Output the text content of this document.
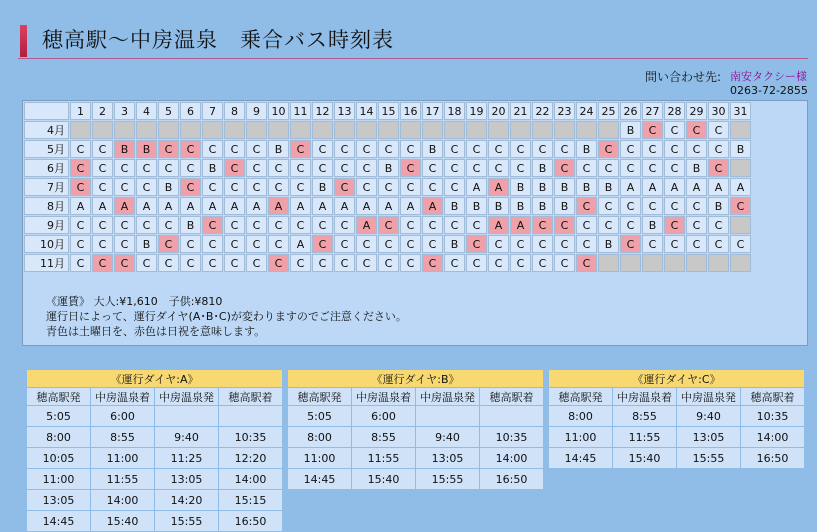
穂高駅～中房温泉　乗合バス時刻表
問い合わせ先: 南安タクシー様
0263-72-2855
	1	2	3	4	5	6	7	8	9	10	11	12	13	14	15	16	17	18	19	20	21	22	23	24	25	26	27	28	29	30	31
4月																										B	C	C	C	C	
5月	C	C	B	B	C	C	C	C	C	B	C	C	C	C	C	C	B	C	C	C	C	C	C	B	C	C	C	C	C	C	B
6月	C	C	C	C	C	C	B	C	C	C	C	C	C	C	B	C	C	C	C	C	C	B	C	C	C	C	C	C	B	C	
7月	C	C	C	C	B	C	C	C	C	C	C	B	C	C	C	C	C	C	A	A	B	B	B	B	B	A	A	A	A	A	A
8月	A	A	A	A	A	A	A	A	A	A	A	A	A	A	A	A	A	B	B	B	B	B	B	C	C	C	C	C	C	B	C
9月	C	C	C	C	C	B	C	C	C	C	C	C	C	A	C	C	C	C	C	A	A	C	C	C	C	C	B	C	C	C	
10月	C	C	C	B	C	C	C	C	C	C	A	C	C	C	C	C	C	B	C	C	C	C	C	C	B	C	C	C	C	C	C
11月	C	C	C	C	C	C	C	C	C	C	C	C	C	C	C	C	C	C	C	C	C	C	C	C							
《運賃》 大人:¥1,610　子供:¥810
運行日によって、運行ダイヤ(A･B･C)が変わりますのでご注意ください。
青色は土曜日を、赤色は日祝を意味します。
《運行ダイヤ:A》			
穂高駅発	中房温泉着	中房温泉発	穂高駅着
5:05	6:00		
8:00	8:55	9:40	10:35
10:05	11:00	11:25	12:20
11:00	11:55	13:05	14:00
13:05	14:00	14:20	15:15
14:45	15:40	15:55	16:50
《運行ダイヤ:B》			
穂高駅発	中房温泉着	中房温泉発	穂高駅着
5:05	6:00		
8:00	8:55	9:40	10:35
11:00	11:55	13:05	14:00
14:45	15:40	15:55	16:50
《運行ダイヤ:C》			
穂高駅発	中房温泉着	中房温泉発	穂高駅着
8:00	8:55	9:40	10:35
11:00	11:55	13:05	14:00
14:45	15:40	15:55	16:50
